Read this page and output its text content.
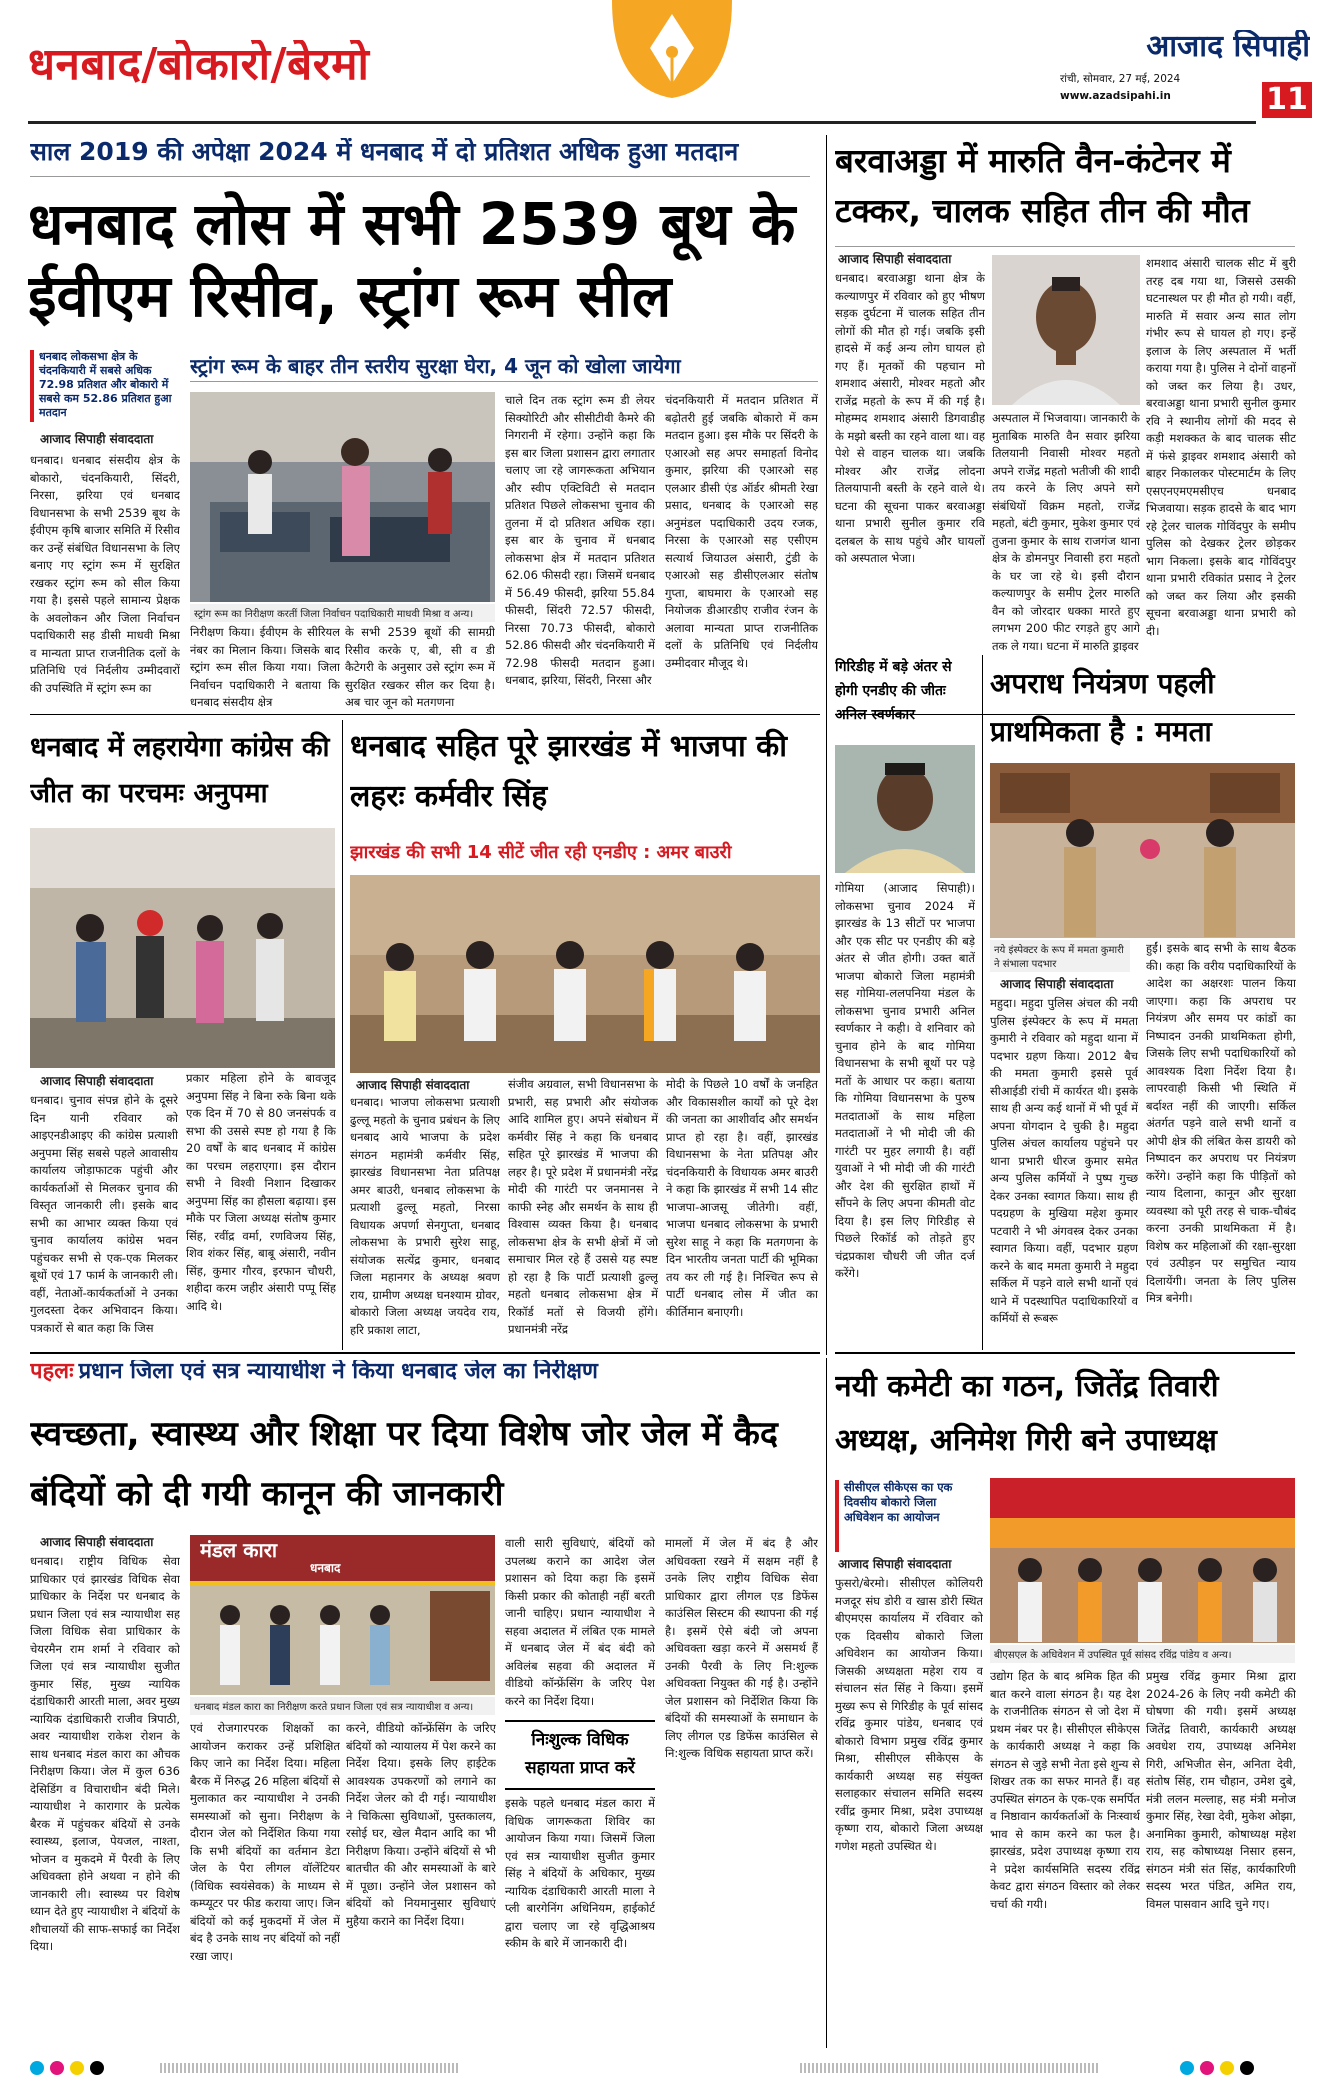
धनबाद/बोकारो/बेरमो	आजाद सिपाही
रांची, सोमवार, 27 मई, 2024
www.azadsipahi.in	11
साल 2019 की अपेक्षा 2024 में धनबाद में दो प्रतिशत अधिक हुआ मतदान
धनबाद लोस में सभी 2539 बूथ के ईवीएम रिसीव, स्ट्रांग रूम सील
धनबाद लोकसभा क्षेत्र के चंदनकियारी में सबसे अधिक 72.98 प्रतिशत और बोकारो में सबसे कम 52.86 प्रतिशत हुआ मतदान
आजाद सिपाही संवाददाता
स्ट्रांग रूम के बाहर तीन स्तरीय सुरक्षा घेरा, 4 जून को खोला जायेगा
स्ट्रांग रूम का निरीक्षण करतीं जिला निर्वाचन पदाधिकारी माधवी मिश्रा व अन्य।
धनबाद। धनबाद संसदीय क्षेत्र के बोकारो, चंदनकियारी, सिंदरी, निरसा, झरिया एवं धनबाद विधानसभा के सभी 2539 बूथ के ईवीएम कृषि बाजार समिति में रिसीव कर उन्हें संबंधित विधानसभा के लिए बनाए गए स्ट्रांग रूम में सुरक्षित रखकर स्ट्रांग रूम को सील किया गया है। इससे पहले सामान्य प्रेक्षक के अवलोकन और जिला निर्वाचन पदाधिकारी सह डीसी माधवी मिश्रा व मान्यता प्राप्त राजनीतिक दलों के प्रतिनिधि एवं निर्दलीय उम्मीदवारों की उपस्थिति में स्ट्रांग रूम का
चाले दिन तक स्ट्रांग रूम डी लेयर सिक्योरिटी और सीसीटीवी कैमरे की निगरानी में रहेगा। उन्होंने कहा कि इस बार जिला प्रशासन द्वारा लगातार चलाए जा रहे जागरूकता अभियान और स्वीप एक्टिविटी से मतदान प्रतिशत पिछले लोकसभा चुनाव की तुलना में दो प्रतिशत अधिक रहा। इस बार के चुनाव में धनबाद लोकसभा क्षेत्र में मतदान प्रतिशत 62.06 फीसदी रहा। जिसमें धनबाद में 56.49 फीसदी, झरिया 55.84 फीसदी, सिंदरी 72.57 फीसदी, निरसा 70.73 फीसदी, बोकारो 52.86 फीसदी और चंदनकियारी में 72.98 फीसदी मतदान हुआ। धनबाद, झरिया, सिंदरी, निरसा और
निरीक्षण किया। ईवीएम के सीरियल नंबर का मिलान किया। जिसके बाद स्ट्रांग रूम सील किया गया। जिला निर्वाचन पदाधिकारी ने बताया कि धनबाद संसदीय क्षेत्र
के सभी 2539 बूथों की सामग्री रिसीव करके ए, बी, सी व डी कैटेगरी के अनुसार उसे स्ट्रांग रूम में सुरक्षित रखकर सील कर दिया है। अब चार जून को मतगणना
चंदनकियारी में मतदान प्रतिशत में बढ़ोतरी हुई जबकि बोकारो में कम मतदान हुआ। इस मौके पर सिंदरी के एआरओ सह अपर समाहर्ता विनोद कुमार, झरिया की एआरओ सह एलआर डीसी एंड ऑर्डर श्रीमती रेखा प्रसाद, धनबाद के एआरओ सह अनुमंडल पदाधिकारी उदय रजक, निरसा के एआरओ सह एसीएम सत्यार्थ जियाउल अंसारी, टुंडी के एआरओ सह डीसीएलआर संतोष गुप्ता, बाघमारा के एआरओ सह नियोजक डीआरडीए राजीव रंजन के अलावा मान्यता प्राप्त राजनीतिक दलों के प्रतिनिधि एवं निर्दलीय उम्मीदवार मौजूद थे।
बरवाअड्डा में मारुति वैन-कंटेनर में टक्कर, चालक सहित तीन की मौत
आजाद सिपाही संवाददाता
धनबाद। बरवाअड्डा थाना क्षेत्र के कल्याणपुर में रविवार को हुए भीषण सड़क दुर्घटना में चालक सहित तीन लोगों की मौत हो गई। जबकि इसी हादसे में कई अन्य लोग घायल हो गए हैं। मृतकों की पहचान मो शमशाद अंसारी, मोश्वर महतो और राजेंद्र महतो के रूप में की गई है। मोहम्मद शमशाद अंसारी डिगवाडीह के मझो बस्ती का रहने वाला था। वह पेशे से वाहन चालक था। जबकि मोश्वर और राजेंद्र लोदना तिलयापानी बस्ती के रहने वाले थे। घटना की सूचना पाकर बरवाअड्डा थाना प्रभारी सुनील कुमार रवि दलबल के साथ पहुंचे और घायलों को अस्पताल भेजा।
अस्पताल में भिजवाया। जानकारी के मुताबिक मारुति वैन सवार झरिया तिलयानी निवासी मोश्वर महतो अपने राजेंद्र महतो भतीजी की शादी तय करने के लिए अपने सगे संबंधियों विक्रम महतो, राजेंद्र महतो, बंटी कुमार, मुकेश कुमार एवं तुजना कुमार के साथ राजगंज थाना क्षेत्र के डोमनपुर निवासी हरा महतो के घर जा रहे थे। इसी दौरान कल्याणपुर के समीप ट्रेलर मारुति वैन को जोरदार धक्का मारते हुए लगभग 200 फीट रगड़ते हुए आगे तक ले गया। घटना में मारुति ड्राइवर
शमशाद अंसारी चालक सीट में बुरी तरह दब गया था, जिससे उसकी घटनास्थल पर ही मौत हो गयी। वहीं, मारुति में सवार अन्य सात लोग गंभीर रूप से घायल हो गए। इन्हें इलाज के लिए अस्पताल में भर्ती कराया गया है। पुलिस ने दोनों वाहनों को जब्त कर लिया है। उधर, बरवाअड्डा थाना प्रभारी सुनील कुमार रवि ने स्थानीय लोगों की मदद से कड़ी मशक्कत के बाद चालक सीट में फंसे ड्राइवर शमशाद अंसारी को बाहर निकालकर पोस्टमार्टम के लिए एसएनएमएमसीएच धनबाद भिजवाया। सड़क हादसे के बाद भाग रहे ट्रेलर चालक गोविंदपुर के समीप पुलिस को देखकर ट्रेलर छोड़कर भाग निकला। इसके बाद गोविंदपुर थाना प्रभारी रविकांत प्रसाद ने ट्रेलर को जब्त कर लिया और इसकी सूचना बरवाअड्डा थाना प्रभारी को दी।
धनबाद में लहरायेगा कांग्रेस की जीत का परचमः अनुपमा
आजाद सिपाही संवाददाता
धनबाद। चुनाव संपन्न होने के दूसरे दिन यानी रविवार को आइएनडीआइए की कांग्रेस प्रत्याशी अनुपमा सिंह सबसे पहले आवासीय कार्यालय जोड़ाफाटक पहुंची और कार्यकर्ताओं से मिलकर चुनाव की विस्तृत जानकारी ली। इसके बाद सभी का आभार व्यक्त किया एवं चुनाव कार्यालय कांग्रेस भवन पहुंचकर सभी से एक-एक मिलकर बूथों एवं 17 फार्म के जानकारी ली। वहीं, नेताओं-कार्यकर्ताओं ने उनका गुलदस्ता देकर अभिवादन किया। पत्रकारों से बात कहा कि जिस
प्रकार महिला होने के बावजूद अनुपमा सिंह ने बिना रुके बिना थके एक दिन में 70 से 80 जनसंपर्क व सभा की उससे स्पष्ट हो गया है कि 20 वर्षों के बाद धनबाद में कांग्रेस का परचम लहराएगा। इस दौरान सभी ने विश्वी निशान दिखाकर अनुपमा सिंह का हौसला बढ़ाया। इस मौके पर जिला अध्यक्ष संतोष कुमार सिंह, रवींद्र वर्मा, रणविजय सिंह, शिव शंकर सिंह, बाबू अंसारी, नवीन सिंह, कुमार गौरव, इरफान चौधरी, शहीदा करम जहीर अंसारी पप्पू सिंह आदि थे।
धनबाद सहित पूरे झारखंड में भाजपा की लहरः कर्मवीर सिंह
झारखंड की सभी 14 सीटें जीत रही एनडीए : अमर बाउरी
आजाद सिपाही संवाददाता
धनबाद। भाजपा लोकसभा प्रत्याशी ढुल्लू महतो के चुनाव प्रबंधन के लिए धनबाद आये भाजपा के प्रदेश संगठन महामंत्री कर्मवीर सिंह, झारखंड विधानसभा नेता प्रतिपक्ष अमर बाउरी, धनबाद लोकसभा के प्रत्याशी ढुल्लू महतो, निरसा विधायक अपर्णा सेनगुप्ता, धनबाद लोकसभा के प्रभारी सुरेश साहू, संयोजक सत्येंद्र कुमार, धनबाद जिला महानगर के अध्यक्ष श्रवण राय, ग्रामीण अध्यक्ष घनश्याम ग्रोवर, बोकारो जिला अध्यक्ष जयदेव राय, हरि प्रकाश लाटा,
संजीव अग्रवाल, सभी विधानसभा के प्रभारी, सह प्रभारी और संयोजक आदि शामिल हुए। अपने संबोधन में कर्मवीर सिंह ने कहा कि धनबाद सहित पूरे झारखंड में भाजपा की लहर है। पूरे प्रदेश में प्रधानमंत्री नरेंद्र मोदी की गारंटी पर जनमानस ने काफी स्नेह और समर्थन के साथ ही विश्वास व्यक्त किया है। धनबाद लोकसभा क्षेत्र के सभी क्षेत्रों में जो समाचार मिल रहे हैं उससे यह स्पष्ट हो रहा है कि पार्टी प्रत्याशी ढुल्लू महतो धनबाद लोकसभा क्षेत्र में रिकॉर्ड मतों से विजयी होंगे। प्रधानमंत्री नरेंद्र
मोदी के पिछले 10 वर्षों के जनहित और विकासशील कार्यों को पूरे देश की जनता का आशीर्वाद और समर्थन प्राप्त हो रहा है। वहीं, झारखंड विधानसभा के नेता प्रतिपक्ष और चंदनकियारी के विधायक अमर बाउरी ने कहा कि झारखंड में सभी 14 सीट भाजपा-आजसू जीतेगी। वहीं, भाजपा धनबाद लोकसभा के प्रभारी सुरेश साहू ने कहा कि मतगणना के दिन भारतीय जनता पार्टी की भूमिका तय कर ली गई है। निश्चित रूप से पार्टी धनबाद लोस में जीत का कीर्तिमान बनाएगी।
गिरिडीह में बड़े अंतर से होगी एनडीए की जीतः अनिल स्वर्णकार
गोमिया (आजाद सिपाही)। लोकसभा चुनाव 2024 में झारखंड के 13 सीटों पर भाजपा और एक सीट पर एनडीए की बड़े अंतर से जीत होगी। उक्त बातें भाजपा बोकारो जिला महामंत्री सह गोमिया-ललपनिया मंडल के लोकसभा चुनाव प्रभारी अनिल स्वर्णकार ने कही। वे शनिवार को चुनाव होने के बाद गोमिया विधानसभा के सभी बूथों पर पड़े मतों के आधार पर कहा। बताया कि गोमिया विधानसभा के पुरुष मतदाताओं के साथ महिला मतदाताओं ने भी मोदी जी की गारंटी पर मुहर लगायी है। वहीं युवाओं ने भी मोदी जी की गारंटी और देश की सुरक्षित हाथों में सौंपने के लिए अपना कीमती वोट दिया है। इस लिए गिरिडीह से पिछले रिकॉर्ड को तोड़ते हुए चंद्रप्रकाश चौधरी जी जीत दर्ज करेंगे।
अपराध नियंत्रण पहली प्राथमिकता है : ममता
नये इंस्पेक्टर के रूप में ममता कुमारी ने संभाला पदभार
आजाद सिपाही संवाददाता
महुदा। महुदा पुलिस अंचल की नयी पुलिस इंस्पेक्टर के रूप में ममता कुमारी ने रविवार को महुदा थाना में पदभार ग्रहण किया। 2012 बैच की ममता कुमारी इससे पूर्व सीआईडी रांची में कार्यरत थी। इसके साथ ही अन्य कई थानों में भी पूर्व में अपना योगदान दे चुकी है। महुदा पुलिस अंचल कार्यालय पहुंचने पर थाना प्रभारी धीरज कुमार समेत अन्य पुलिस कर्मियों ने पुष्प गुच्छ देकर उनका स्वागत किया। साथ ही पदग्रहण के मुखिया महेश कुमार पटवारी ने भी अंगवस्त्र देकर उनका स्वागत किया। वहीं, पदभार ग्रहण करने के बाद ममता कुमारी ने महुदा सर्किल में पड़ने वाले सभी थानों एवं थाने में पदस्थापित पदाधिकारियों व कर्मियों से रूबरू
हुईं। इसके बाद सभी के साथ बैठक की। कहा कि वरीय पदाधिकारियों के आदेश का अक्षरशः पालन किया जाएगा। कहा कि अपराध पर नियंत्रण और समय पर कांडों का निष्पादन उनकी प्राथमिकता होगी, जिसके लिए सभी पदाधिकारियों को आवश्यक दिशा निर्देश दिया है। लापरवाही किसी भी स्थिति में बर्दाश्त नहीं की जाएगी। सर्किल अंतर्गत पड़ने वाले सभी थानों व ओपी क्षेत्र की लंबित केस डायरी को निष्पादन कर अपराध पर नियंत्रण करेंगे। उन्होंने कहा कि पीड़ितों को न्याय दिलाना, कानून और सुरक्षा व्यवस्था को पूरी तरह से चाक-चौबंद करना उनकी प्राथमिकता में है। विशेष कर महिलाओं की रक्षा-सुरक्षा एवं उत्पीड़न पर समुचित न्याय दिलायेंगी। जनता के लिए पुलिस मित्र बनेगी।
पहलः प्रधान जिला एवं सत्र न्यायाधीश ने किया धनबाद जेल का निरीक्षण
स्वच्छता, स्वास्थ्य और शिक्षा पर दिया विशेष जोर जेल में कैद बंदियों को दी गयी कानून की जानकारी
आजाद सिपाही संवाददाता
धनबाद। राष्ट्रीय विधिक सेवा प्राधिकार एवं झारखंड विधिक सेवा प्राधिकार के निर्देश पर धनबाद के प्रधान जिला एवं सत्र न्यायाधीश सह जिला विधिक सेवा प्राधिकार के चेयरमैन राम शर्मा ने रविवार को जिला एवं सत्र न्यायाधीश सुजीत कुमार सिंह, मुख्य न्यायिक दंडाधिकारी आरती माला, अवर मुख्य न्यायिक दंडाधिकारी राजीव त्रिपाठी, अवर न्यायाधीश राकेश रोशन के साथ धनबाद मंडल कारा का औचक निरीक्षण किया। जेल में कुल 636 देसिडिंग व विचाराधीन बंदी मिले। न्यायाधीश ने कारागार के प्रत्येक बैरक में पहुंचकर बंदियों से उनके स्वास्थ्य, इलाज, पेयजल, नाश्ता, भोजन व मुकदमे में पैरवी के लिए अधिवक्ता होने अथवा न होने की जानकारी ली। स्वास्थ्य पर विशेष ध्यान देते हुए न्यायाधीश ने बंदियों के शौचालयों की साफ-सफाई का निर्देश दिया।
मंडल कारा
धनबाद
धनबाद मंडल कारा का निरीक्षण करते प्रधान जिला एवं सत्र न्यायाधीश व अन्य।
एवं रोजगारपरक शिक्षकों का आयोजन कराकर उन्हें प्रशिक्षित किए जाने का निर्देश दिया। महिला बैरक में निरुद्ध 26 महिला बंदियों से मुलाकात कर न्यायाधीश ने उनकी समस्याओं को सुना। निरीक्षण के दौरान जेल को निर्देशित किया गया कि सभी बंदियों का वर्तमान डेटा जेल के पैरा लीगल वॉलेंटियर (विधिक स्वयंसेवक) के माध्यम से कम्प्यूटर पर फीड कराया जाए। जिन बंदियों को कई मुकदमों में जेल में बंद है उनके साथ नए बंदियों को नहीं रखा जाए।
करने, वीडियो कॉन्फ्रेंसिंग के जरिए बंदियों को न्यायालय में पेश करने का निर्देश दिया। इसके लिए हाईटेक आवश्यक उपकरणों को लगाने का निर्देश जेलर को दी गई। न्यायाधीश ने चिकित्सा सुविधाओं, पुस्तकालय, रसोई घर, खेल मैदान आदि का भी निरीक्षण किया। उन्होंने बंदियों से भी बातचीत की और समस्याओं के बारे में पूछा। उन्होंने जेल प्रशासन को बंदियों को नियमानुसार सुविधाएं मुहैया कराने का निर्देश दिया।
वाली सारी सुविधाएं, बंदियों को उपलब्ध कराने का आदेश जेल प्रशासन को दिया कहा कि इसमें किसी प्रकार की कोताही नहीं बरती जानी चाहिए। प्रधान न्यायाधीश ने सहवा अदालत में लंबित एक मामले में धनबाद जेल में बंद बंदी को अविलंब सहवा की अदालत में वीडियो कॉन्फ्रेंसिंग के जरिए पेश करने का निर्देश दिया।
निःशुल्क विधिक सहायता प्राप्त करें
इसके पहले धनबाद मंडल कारा में विधिक जागरूकता शिविर का आयोजन किया गया। जिसमें जिला एवं सत्र न्यायाधीश सुजीत कुमार सिंह ने बंदियों के अधिकार, मुख्य न्यायिक दंडाधिकारी आरती माला ने प्ली बारगेनिंग अधिनियम, हाईकोर्ट द्वारा चलाए जा रहे वृद्धिआश्रय स्कीम के बारे में जानकारी दी।
मामलों में जेल में बंद है और अधिवक्ता रखने में सक्षम नहीं है उनके लिए राष्ट्रीय विधिक सेवा प्राधिकार द्वारा लीगल एड डिफेंस काउंसिल सिस्टम की स्थापना की गई है। इसमें ऐसे बंदी जो अपना अधिवक्ता खड़ा करने में असमर्थ हैं उनकी पैरवी के लिए नि:शुल्क अधिवक्ता नियुक्त की गई है। उन्होंने जेल प्रशासन को निर्देशित किया कि बंदियों की समस्याओं के समाधान के लिए लीगल एड डिफेंस काउंसिल से नि:शुल्क विधिक सहायता प्राप्त करें।
नयी कमेटी का गठन, जितेंद्र तिवारी अध्यक्ष, अनिमेश गिरी बने उपाध्यक्ष
सीसीएल सीकेएस का एक दिवसीय बोकारो जिला अधिवेशन का आयोजन
आजाद सिपाही संवाददाता
बीएसएल के अधिवेशन में उपस्थित पूर्व सांसद रविंद्र पांडेय व अन्य।
फुसरो/बेरमो। सीसीएल कोलियरी मजदूर संघ डोरी व खास डोरी स्थित बीएमएस कार्यालय में रविवार को एक दिवसीय बोकारो जिला अधिवेशन का आयोजन किया। जिसकी अध्यक्षता महेश राय व संचालन संत सिंह ने किया। इसमें मुख्य रूप से गिरिडीह के पूर्व सांसद रविंद्र कुमार पांडेय, धनबाद एवं बोकारो विभाग प्रमुख रविंद्र कुमार मिश्रा, सीसीएल सीकेएस के कार्यकारी अध्यक्ष सह संयुक्त सलाहकार संचालन समिति सदस्य रवींद्र कुमार मिश्रा, प्रदेश उपाध्यक्ष कृष्णा राय, बोकारो जिला अध्यक्ष गणेश महतो उपस्थित थे।
उद्योग हित के बाद श्रमिक हित की बात करने वाला संगठन है। यह देश के राजनीतिक संगठन से जो देश में प्रथम नंबर पर है। सीसीएल सीकेएस के कार्यकारी अध्यक्ष ने कहा कि संगठन से जुड़े सभी नेता इसे शुन्य से शिखर तक का सफर मानते हैं। वह उपस्थित संगठन के एक-एक समर्पित व निष्ठावान कार्यकर्ताओं के निःस्वार्थ भाव से काम करने का फल है। झारखंड, प्रदेश उपाध्यक्ष कृष्णा राय ने प्रदेश कार्यसमिति सदस्य रविंद्र केवट द्वारा संगठन विस्तार को लेकर चर्चा की गयी।
प्रमुख रविंद्र कुमार मिश्रा द्वारा 2024-26 के लिए नयी कमेटी की घोषणा की गयी। इसमें अध्यक्ष जितेंद्र तिवारी, कार्यकारी अध्यक्ष अवधेश राय, उपाध्यक्ष अनिमेश गिरी, अभिजीत सेन, अनिता देवी, संतोष सिंह, राम चौहान, उमेश दुबे, मंत्री ललन मल्लाह, सह मंत्री मनोज कुमार सिंह, रेखा देवी, मुकेश ओझा, अनामिका कुमारी, कोषाध्यक्ष महेश राय, सह कोषाध्यक्ष निसार हसन, संगठन मंत्री संत सिंह, कार्यकारिणी सदस्य भरत पंडित, अमित राय, विमल पासवान आदि चुने गए।
